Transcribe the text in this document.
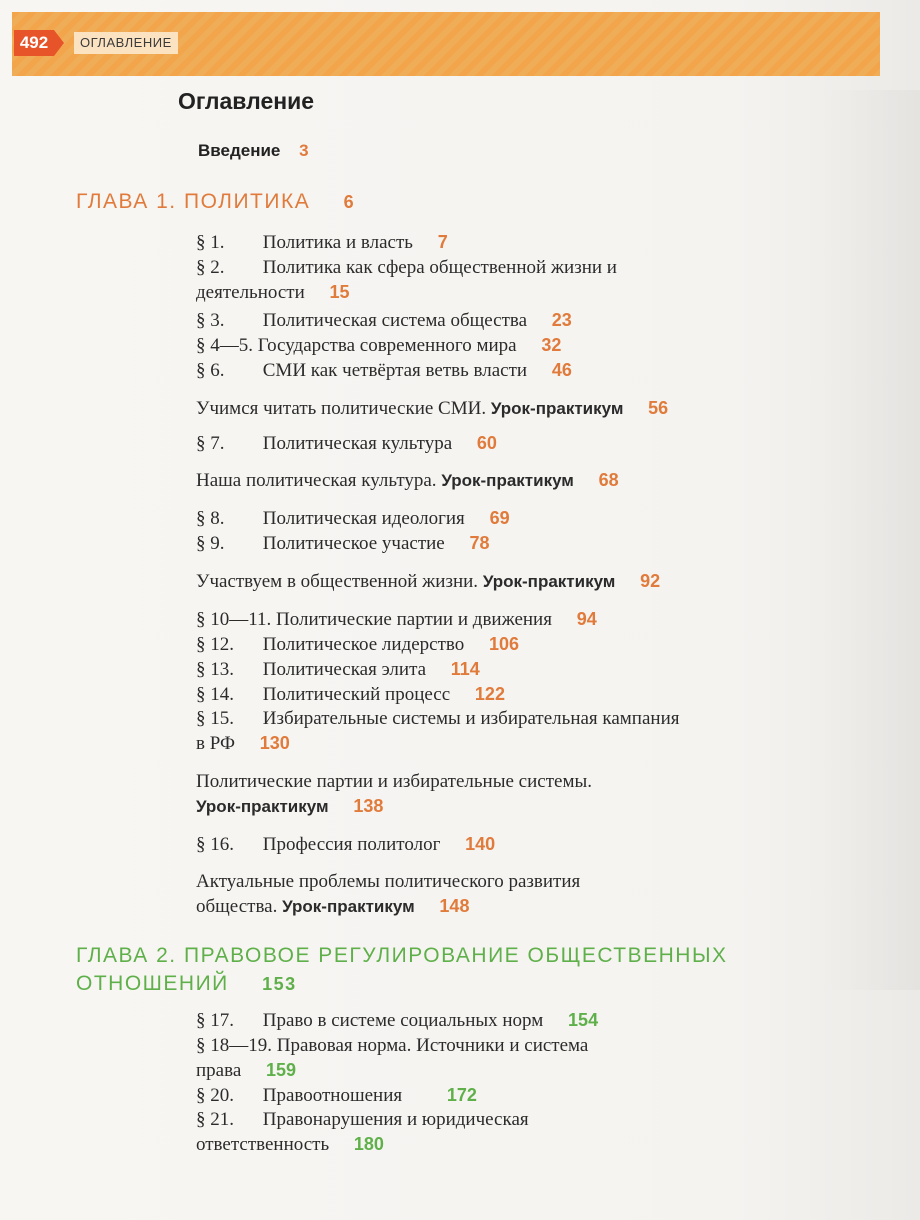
492	ОГЛАВЛЕНИЕ
Оглавление
Введение 3
ГЛАВА 1. ПОЛИТИКА 6
§ 1. Политика и власть 7
§ 2. Политика как сфера общественной жизни и
деятельности 15
§ 3. Политическая система общества 23
§ 4—5. Государства современного мира 32
§ 6. СМИ как четвёртая ветвь власти 46
Учимся читать политические СМИ. Урок-практикум 56
§ 7. Политическая культура 60
Наша политическая культура. Урок-практикум 68
§ 8. Политическая идеология 69
§ 9. Политическое участие 78
Участвуем в общественной жизни. Урок-практикум 92
§ 10—11. Политические партии и движения 94
§ 12. Политическое лидерство 106
§ 13. Политическая элита 114
§ 14. Политический процесс 122
§ 15. Избирательные системы и избирательная кампания
в РФ 130
Политические партии и избирательные системы.
Урок-практикум 138
§ 16. Профессия политолог 140
Актуальные проблемы политического развития
общества. Урок-практикум 148
ГЛАВА 2. ПРАВОВОЕ РЕГУЛИРОВАНИЕ ОБЩЕСТВЕННЫХ
ОТНОШЕНИЙ 153
§ 17. Право в системе социальных норм 154
§ 18—19. Правовая норма. Источники и система
права 159
§ 20. Правоотношения 172
§ 21. Правонарушения и юридическая
ответственность 180
